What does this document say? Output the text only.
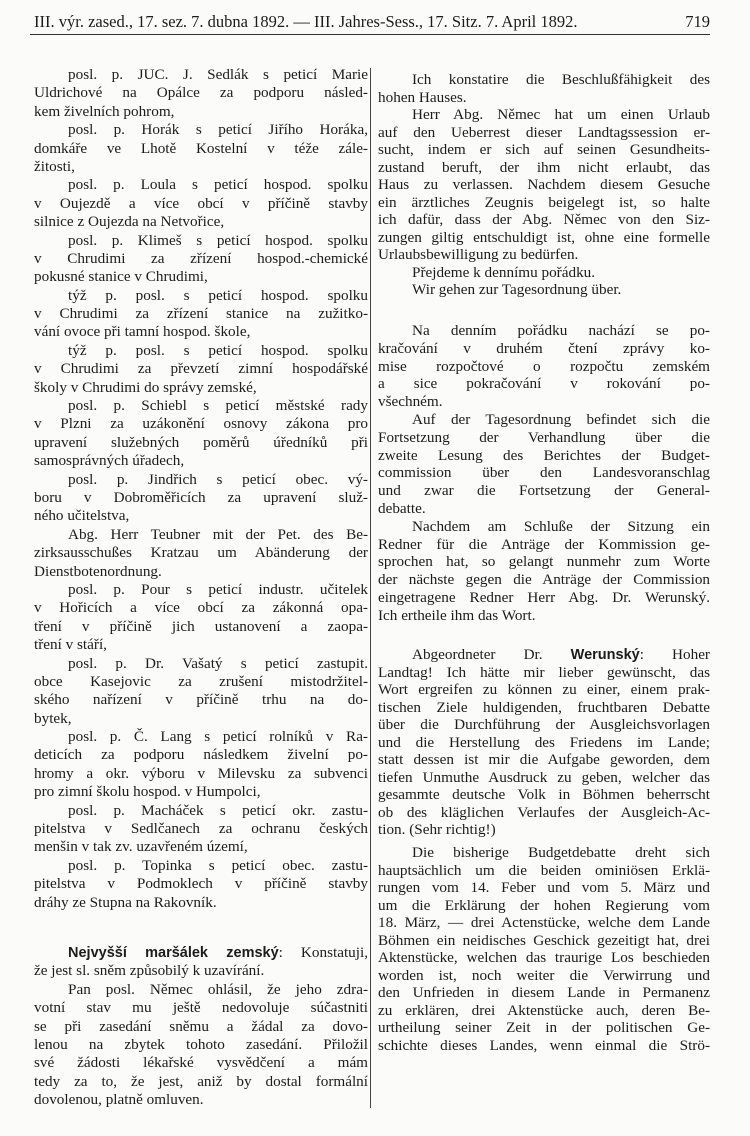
III. výr. zased., 17. sez. 7. dubna 1892. — III. Jahres-Sess., 17. Sitz. 7. April 1892.	719
posl. p. JUC. J. Sedlák s peticí Marie
Uldrichové na Opálce za podporu násled-
kem živelních pohrom,
posl. p. Horák s peticí Jiřího Horáka,
domkáře ve Lhotě Kostelní v téže zále-
žitosti,
posl. p. Loula s peticí hospod. spolku
v Oujezdě a více obcí v příčině stavby
silnice z Oujezda na Netvořice,
posl. p. Klimeš s peticí hospod. spolku
v Chrudimi za zřízení hospod.-chemické
pokusné stanice v Chrudimi,
týž p. posl. s peticí hospod. spolku
v Chrudimi za zřízení stanice na zužitko-
vání ovoce při tamní hospod. škole,
týž p. posl. s peticí hospod. spolku
v Chrudimi za převzetí zimní hospodářské
školy v Chrudimi do správy zemské,
posl. p. Schiebl s peticí městské rady
v Plzni za uzákonění osnovy zákona pro
upravení služebných poměrů úředníků při
samosprávných úřadech,
posl. p. Jindřich s peticí obec. vý-
boru v Dobroměřicích za upravení služ-
ného učitelstva,
Abg. Herr Teubner mit der Pet. des Be-
zirksausschußes Kratzau um Abänderung der
Dienstbotenordnung.
posl. p. Pour s peticí industr. učitelek
v Hořicích a více obcí za zákonná opa-
tření v příčině jich ustanovení a zaopa-
tření v stáří,
posl. p. Dr. Vašatý s peticí zastupit.
obce Kasejovic za zrušení mistodržitel-
ského nařízení v příčině trhu na do-
bytek,
posl. p. Č. Lang s peticí rolníků v Ra-
deticích za podporu následkem živelní po-
hromy a okr. výboru v Milevsku za subvenci
pro zimní školu hospod. v Humpolci,
posl. p. Macháček s peticí okr. zastu-
pitelstva v Sedlčanech za ochranu českých
menšin v tak zv. uzavřeném území,
posl. p. Topinka s peticí obec. zastu-
pitelstva v Podmoklech v příčině stavby
dráhy ze Stupna na Rakovník.
Nejvyšší maršálek zemský: Konstatuji,
že jest sl. sněm způsobilý k uzavírání.
Pan posl. Němec ohlásil, že jeho zdra-
votní stav mu ještě nedovoluje súčastniti
se při zasedání sněmu a žádal za dovo-
lenou na zbytek tohoto zasedání. Přiložil
své žádosti lékařské vysvědčení a mám
tedy za to, že jest, aniž by dostal formální
dovolenou, platně omluven.
Ich konstatire die Beschlußfähigkeit des
hohen Hauses.
Herr Abg. Němec hat um einen Urlaub
auf den Ueberrest dieser Landtagssession er-
sucht, indem er sich auf seinen Gesundheits-
zustand beruft, der ihm nicht erlaubt, das
Haus zu verlassen. Nachdem diesem Gesuche
ein ärztliches Zeugnis beigelegt ist, so halte
ich dafür, dass der Abg. Němec von den Siz-
zungen giltig entschuldigt ist, ohne eine formelle
Urlaubsbewilligung zu bedürfen.
Přejdeme k dennímu pořádku.
Wir gehen zur Tagesordnung über.
Na denním pořádku nachází se po-
kračování v druhém čtení zprávy ko-
mise rozpočtové o rozpočtu zemském
a sice pokračování v rokování po-
všechném.
Auf der Tagesordnung befindet sich die
Fortsetzung der Verhandlung über die
zweite Lesung des Berichtes der Budget-
commission über den Landesvoranschlag
und zwar die Fortsetzung der General-
debatte.
Nachdem am Schluße der Sitzung ein
Redner für die Anträge der Kommission ge-
sprochen hat, so gelangt nunmehr zum Worte
der nächste gegen die Anträge der Commission
eingetragene Redner Herr Abg. Dr. Werunský.
Ich ertheile ihm das Wort.
Abgeordneter Dr. Werunský: Hoher
Landtag! Ich hätte mir lieber gewünscht, das
Wort ergreifen zu können zu einer, einem prak-
tischen Ziele huldigenden, fruchtbaren Debatte
über die Durchführung der Ausgleichsvorlagen
und die Herstellung des Friedens im Lande;
statt dessen ist mir die Aufgabe geworden, dem
tiefen Unmuthe Ausdruck zu geben, welcher das
gesammte deutsche Volk in Böhmen beherrscht
ob des kläglichen Verlaufes der Ausgleich-Ac-
tion. (Sehr richtig!)
Die bisherige Budgetdebatte dreht sich
hauptsächlich um die beiden ominiösen Erklä-
rungen vom 14. Feber und vom 5. März und
um die Erklärung der hohen Regierung vom
18. März, — drei Actenstücke, welche dem Lande
Böhmen ein neidisches Geschick gezeitigt hat, drei
Aktenstücke, welchen das traurige Los beschieden
worden ist, noch weiter die Verwirrung und
den Unfrieden in diesem Lande in Permanenz
zu erklären, drei Aktenstücke auch, deren Be-
urtheilung seiner Zeit in der politischen Ge-
schichte dieses Landes, wenn einmal die Strö-
